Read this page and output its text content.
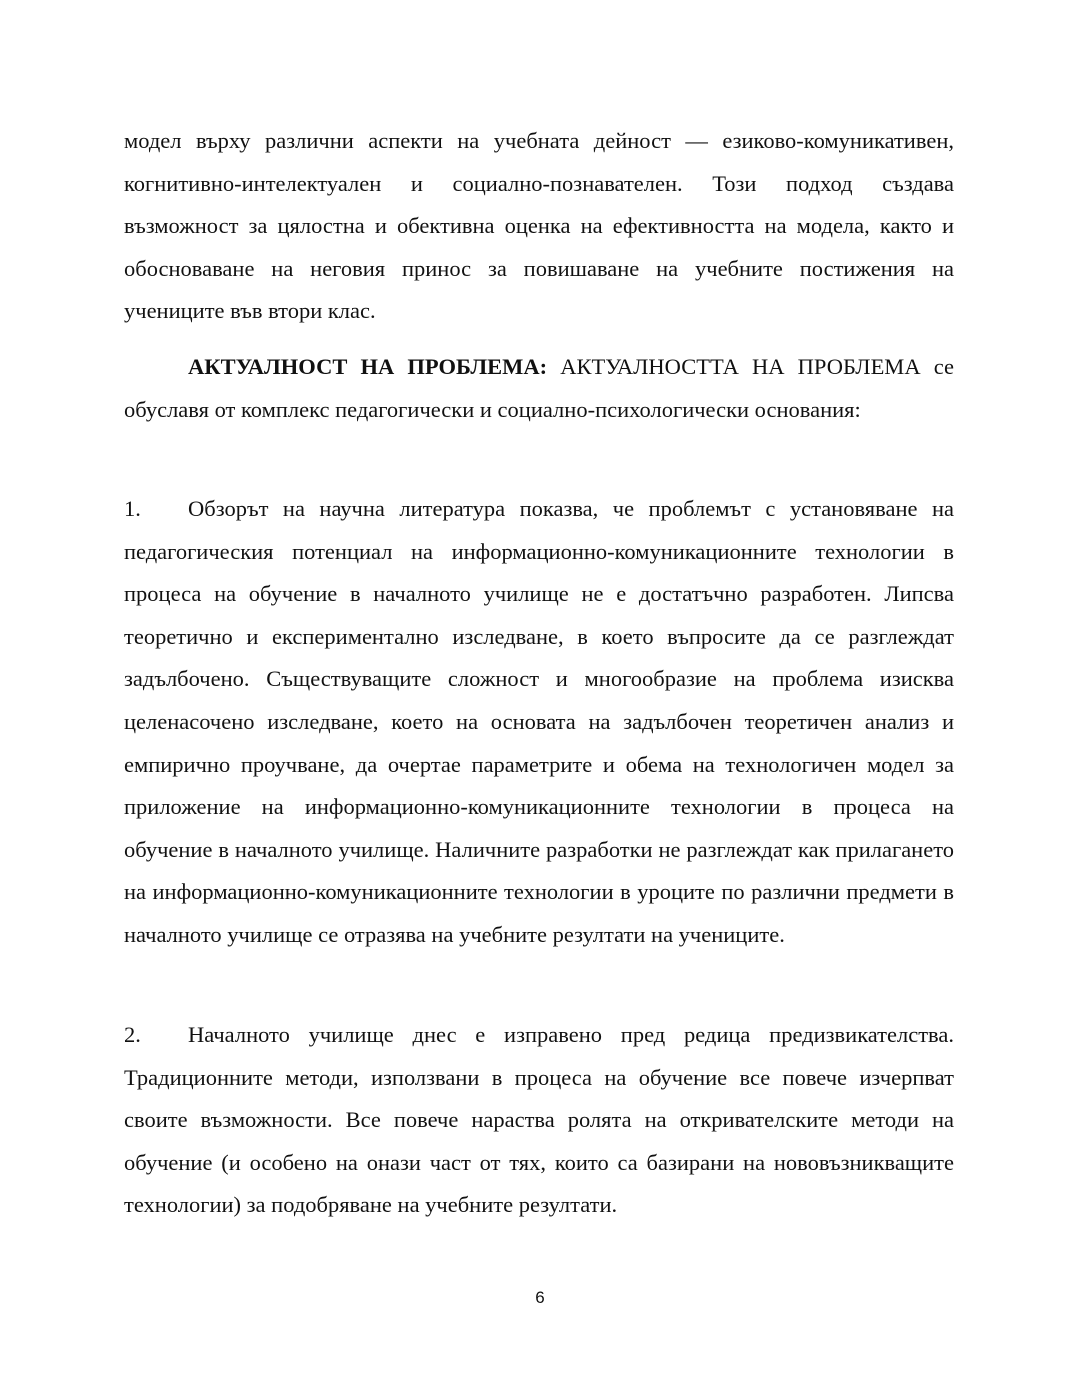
модел върху различни аспекти на учебната дейност — езиково-комуникативен, когнитивно-интелектуален и социално-познавателен. Този подход създава възможност за цялостна и обективна оценка на ефективността на модела, както и обосноваване на неговия принос за повишаване на учебните постижения на учениците във втори клас.

АКТУАЛНОСТ НА ПРОБЛЕМА: АКТУАЛНОСТТА НА ПРОБЛЕМА се обуславя от комплекс педагогически и социално-психологически основания:

1. Обзорът на научна литература показва, че проблемът с установяване на педагогическия потенциал на информационно-комуникационните технологии в процеса на обучение в началното училище не е достатъчно разработен. Липсва теоретично и експериментално изследване, в което въпросите да се разглеждат задълбочено. Съществуващите сложност и многообразие на проблема изисква целенасочено изследване, което на основата на задълбочен теоретичен анализ и емпирично проучване, да очертае параметрите и обема на технологичен модел за приложение на информационно-комуникационните технологии в процеса на обучение в началното училище. Наличните разработки не разглеждат как прилагането на информационно-комуникационните технологии в уроците по различни предмети в началното училище се отразява на учебните резултати на учениците.

2. Началното училище днес е изправено пред редица предизвикателства. Традиционните методи, използвани в процеса на обучение все повече изчерпват своите възможности. Все повече нараства ролята на откривателските методи на обучение (и особено на онази част от тях, които са базирани на нововъзникващите технологии) за подобряване на учебните резултати.

6
